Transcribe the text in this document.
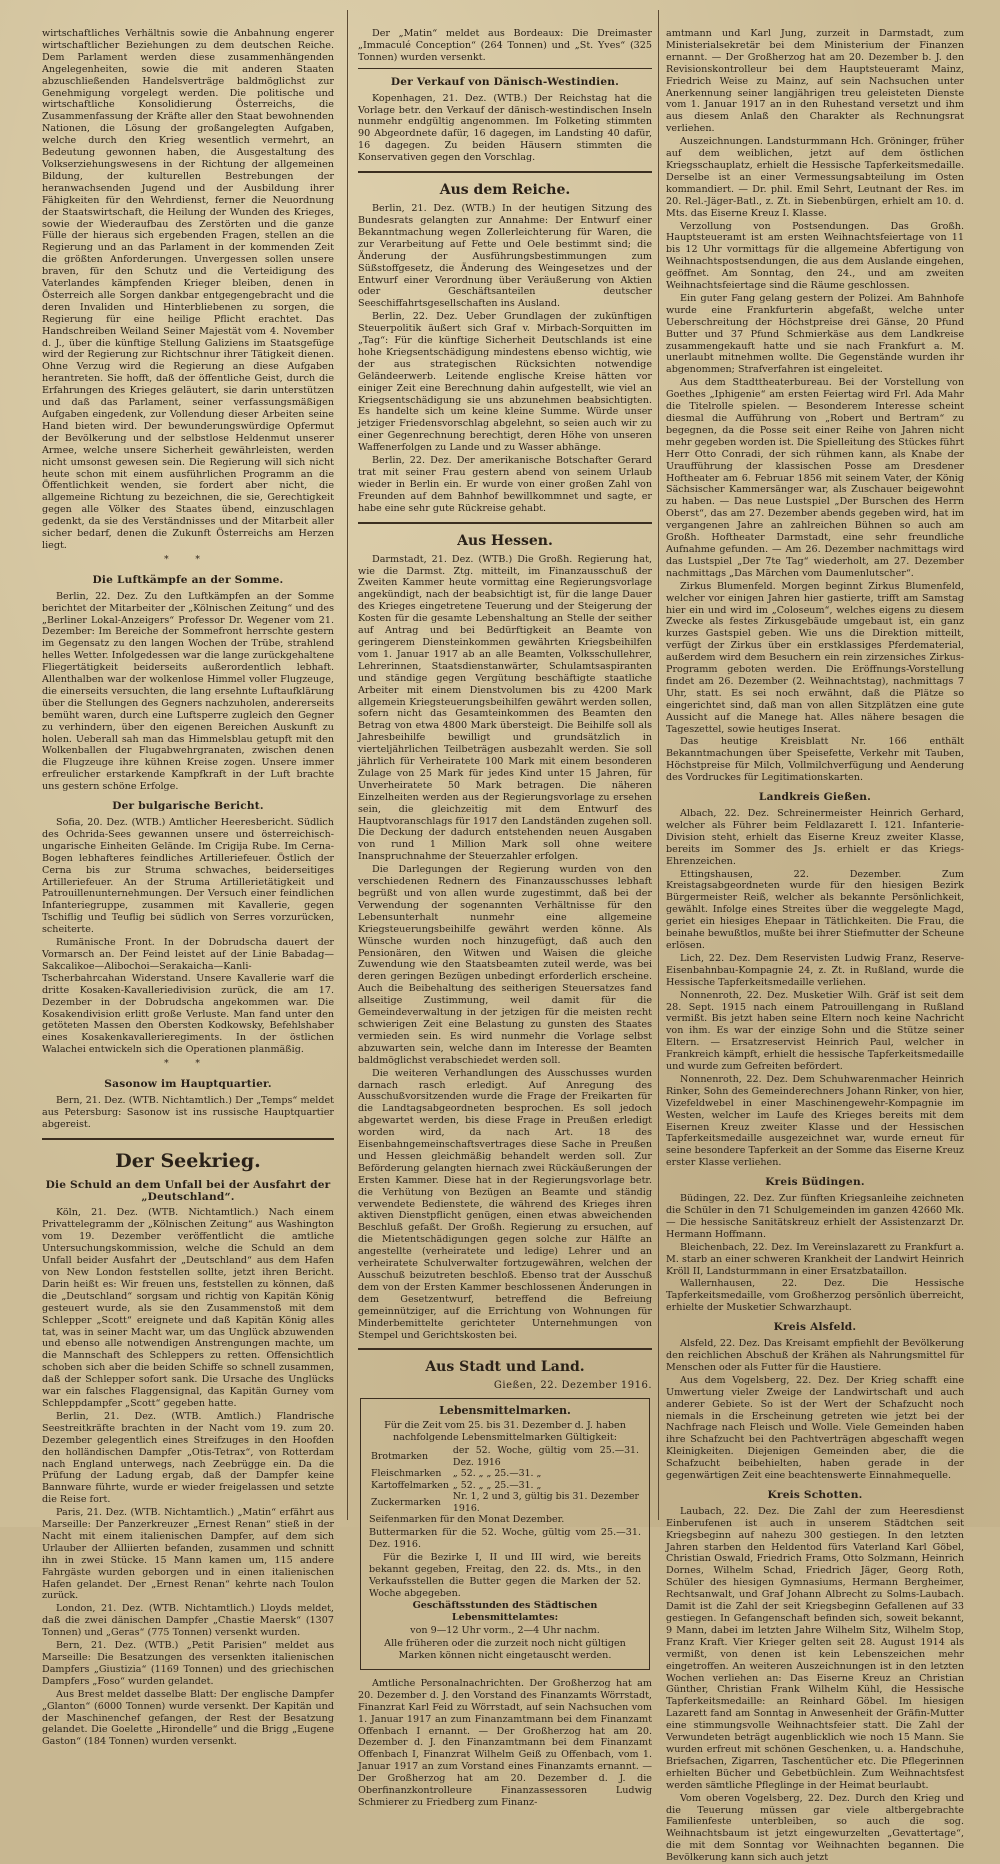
wirtschaftliches Verhältnis sowie die Anbahnung engerer wirtschaftlicher Beziehungen zu dem deutschen Reiche. Dem Parlament werden diese zusammenhängenden Angelegenheiten, sowie die mit anderen Staaten abzuschließenden Handelsverträge baldmöglichst zur Genehmigung vorgelegt werden. Die politische und wirtschaftliche Konsolidierung Österreichs, die Zusammenfassung der Kräfte aller den Staat bewohnenden Nationen, die Lösung der großangelegten Aufgaben, welche durch den Krieg wesentlich vermehrt, an Bedeutung gewonnen haben, die Ausgestaltung des Volkserziehungswesens in der Richtung der allgemeinen Bildung, der kulturellen Bestrebungen der heranwachsenden Jugend und der Ausbildung ihrer Fähigkeiten für den Wehrdienst, ferner die Neuordnung der Staatswirtschaft, die Heilung der Wunden des Krieges, sowie der Wiederaufbau des Zerstörten und die ganze Fülle der hieraus sich ergebenden Fragen, stellen an die Regierung und an das Parlament in der kommenden Zeit die größten Anforderungen. Unvergessen sollen unsere braven, für den Schutz und die Verteidigung des Vaterlandes kämpfenden Krieger bleiben, denen in Österreich alle Sorgen dankbar entgegengebracht und die deren Invaliden und Hinterbliebenen zu sorgen, die Regierung für eine heilige Pflicht erachtet. Das Handschreiben Weiland Seiner Majestät vom 4. November d. J., über die künftige Stellung Galiziens im Staatsgefüge wird der Regierung zur Richtschnur ihrer Tätigkeit dienen. Ohne Verzug wird die Regierung an diese Aufgaben herantreten. Sie hofft, daß der öffentliche Geist, durch die Erfahrungen des Krieges geläutert, sie darin unterstützen und daß das Parlament, seiner verfassungsmäßigen Aufgaben eingedenk, zur Vollendung dieser Arbeiten seine Hand bieten wird. Der bewunderungswürdige Opfermut der Bevölkerung und der selbstlose Heldenmut unserer Armee, welche unsere Sicherheit gewährleisten, werden nicht umsonst gewesen sein. Die Regierung will sich nicht heute schon mit einem ausführlichen Programm an die Öffentlichkeit wenden, sie fordert aber nicht, die allgemeine Richtung zu bezeichnen, die sie, Gerechtigkeit gegen alle Völker des Staates übend, einzuschlagen gedenkt, da sie des Verständnisses und der Mitarbeit aller sicher bedarf, denen die Zukunft Österreichs am Herzen liegt.

* *
Die Luftkämpfe an der Somme.

Berlin, 22. Dez. Zu den Luftkämpfen an der Somme berichtet der Mitarbeiter der „Kölnischen Zeitung“ und des „Berliner Lokal-Anzeigers“ Professor Dr. Wegener vom 21. Dezember: Im Bereiche der Sommefront herrschte gestern im Gegensatz zu den langen Wochen der Trübe, strahlend helles Wetter. Infolgedessen war die lange zurückgehaltene Fliegertätigkeit beiderseits außerordentlich lebhaft. Allenthalben war der wolkenlose Himmel voller Flugzeuge, die einerseits versuchten, die lang ersehnte Luftaufklärung über die Stellungen des Gegners nachzuholen, andererseits bemüht waren, durch eine Luftsperre zugleich den Gegner zu verhindern, über den eigenen Bereichen Auskunft zu holen. Ueberall sah man das Himmelsblau getupft mit den Wolkenballen der Flugabwehrgranaten, zwischen denen die Flugzeuge ihre kühnen Kreise zogen. Unsere immer erfreulicher erstarkende Kampfkraft in der Luft brachte uns gestern schöne Erfolge.

Der bulgarische Bericht.

Sofia, 20. Dez. (WTB.) Amtlicher Heeresbericht. Südlich des Ochrida-Sees gewannen unsere und österreichisch-ungarische Einheiten Gelände. Im Crigija Rube. Im Cerna-Bogen lebhafteres feindliches Artilleriefeuer. Östlich der Cerna bis zur Struma schwaches, beiderseitiges Artilleriefeuer. An der Struma Artillerietätigkeit und Patrouillenunternehmungen. Der Versuch einer feindlichen Infanteriegruppe, zusammen mit Kavallerie, gegen Tschiflig und Teuflig bei südlich von Serres vorzurücken, scheiterte.

Rumänische Front. In der Dobrudscha dauert der Vormarsch an. Der Feind leistet auf der Linie Babadag—Sakcalikoe—Alibochoi—Serakaicha—Kanli-Tscherbahrcahan Widerstand. Unsere Kavallerie warf die dritte Kosaken-Kavalleriedivision zurück, die am 17. Dezember in der Dobrudscha angekommen war. Die Kosakendivision erlitt große Verluste. Man fand unter den getöteten Massen den Obersten Kodkowsky, Befehlshaber eines Kosakenkavallerieregiments. In der östlichen Walachei entwickeln sich die Operationen planmäßig.

* *
Sasonow im Hauptquartier.

Bern, 21. Dez. (WTB. Nichtamtlich.) Der „Temps“ meldet aus Petersburg: Sasonow ist ins russische Hauptquartier abgereist.

Der Seekrieg.
Die Schuld an dem Unfall bei der Ausfahrt der „Deutschland“.

Köln, 21. Dez. (WTB. Nichtamtlich.) Nach einem Privattelegramm der „Kölnischen Zeitung“ aus Washington vom 19. Dezember veröffentlicht die amtliche Untersuchungskommission, welche die Schuld an dem Unfall beider Ausfahrt der „Deutschland“ aus dem Hafen von New London feststellen sollte, jetzt ihren Bericht. Darin heißt es: Wir freuen uns, feststellen zu können, daß die „Deutschland“ sorgsam und richtig von Kapitän König gesteuert wurde, als sie den Zusammenstoß mit dem Schlepper „Scott“ ereignete und daß Kapitän König alles tat, was in seiner Macht war, um das Unglück abzuwenden und ebenso alle notwendigen Anstrengungen machte, um die Mannschaft des Schleppers zu retten. Offensichtlich schoben sich aber die beiden Schiffe so schnell zusammen, daß der Schlepper sofort sank. Die Ursache des Unglücks war ein falsches Flaggensignal, das Kapitän Gurney vom Schleppdampfer „Scott“ gegeben hatte.

Berlin, 21. Dez. (WTB. Amtlich.) Flandrische Seestreitkräfte brachten in der Nacht vom 19. zum 20. Dezember gelegentlich eines Streifzuges in den Hoofden den holländischen Dampfer „Otis-Tetrax“, von Rotterdam nach England unterwegs, nach Zeebrügge ein. Da die Prüfung der Ladung ergab, daß der Dampfer keine Bannware führte, wurde er wieder freigelassen und setzte die Reise fort.

Paris, 21. Dez. (WTB. Nichtamtlich.) „Matin“ erfährt aus Marseille: Der Panzerkreuzer „Ernest Renan“ stieß in der Nacht mit einem italienischen Dampfer, auf dem sich Urlauber der Alliierten befanden, zusammen und schnitt ihn in zwei Stücke. 15 Mann kamen um, 115 andere Fahrgäste wurden geborgen und in einen italienischen Hafen gelandet. Der „Ernest Renan“ kehrte nach Toulon zurück.

London, 21. Dez. (WTB. Nichtamtlich.) Lloyds meldet, daß die zwei dänischen Dampfer „Chastie Maersk“ (1307 Tonnen) und „Geras“ (775 Tonnen) versenkt wurden.

Bern, 21. Dez. (WTB.) „Petit Parisien“ meldet aus Marseille: Die Besatzungen des versenkten italienischen Dampfers „Giustizia“ (1169 Tonnen) und des griechischen Dampfers „Foso“ wurden gelandet.

Aus Brest meldet dasselbe Blatt: Der englische Dampfer „Glanton“ (6000 Tonnen) wurde versenkt. Der Kapitän und der Maschinenchef gefangen, der Rest der Besatzung gelandet. Die Goelette „Hirondelle“ und die Brigg „Eugene Gaston“ (184 Tonnen) wurden versenkt.

Der „Matin“ meldet aus Bordeaux: Die Dreimaster „Immaculé Conception“ (264 Tonnen) und „St. Yves“ (325 Tonnen) wurden versenkt.

Der Verkauf von Dänisch-Westindien.

Kopenhagen, 21. Dez. (WTB.) Der Reichstag hat die Vorlage betr. den Verkauf der dänisch-westindischen Inseln nunmehr endgültig angenommen. Im Folketing stimmten 90 Abgeordnete dafür, 16 dagegen, im Landsting 40 dafür, 16 dagegen. Zu beiden Häusern stimmten die Konservativen gegen den Vorschlag.

Aus dem Reiche.

Berlin, 21. Dez. (WTB.) In der heutigen Sitzung des Bundesrats gelangten zur Annahme: Der Entwurf einer Bekanntmachung wegen Zollerleichterung für Waren, die zur Verarbeitung auf Fette und Oele bestimmt sind; die Änderung der Ausführungsbestimmungen zum Süßstoffgesetz, die Änderung des Weingesetzes und der Entwurf einer Verordnung über Veräußerung von Aktien oder Geschäftsanteilen deutscher Seeschiffahrtsgesellschaften ins Ausland.

Berlin, 22. Dez. Ueber Grundlagen der zukünftigen Steuerpolitik äußert sich Graf v. Mirbach-Sorquitten im „Tag“: Für die künftige Sicherheit Deutschlands ist eine hohe Kriegsentschädigung mindestens ebenso wichtig, wie der aus strategischen Rücksichten notwendige Geländeerwerb. Leitende englische Kreise hätten vor einiger Zeit eine Berechnung dahin aufgestellt, wie viel an Kriegsentschädigung sie uns abzunehmen beabsichtigten. Es handelte sich um keine kleine Summe. Würde unser jetziger Friedensvorschlag abgelehnt, so seien auch wir zu einer Gegenrechnung berechtigt, deren Höhe von unseren Waffenerfolgen zu Lande und zu Wasser abhänge.

Berlin, 22. Dez. Der amerikanische Botschafter Gerard trat mit seiner Frau gestern abend von seinem Urlaub wieder in Berlin ein. Er wurde von einer großen Zahl von Freunden auf dem Bahnhof bewillkommnet und sagte, er habe eine sehr gute Rückreise gehabt.

Aus Hessen.

Darmstadt, 21. Dez. (WTB.) Die Großh. Regierung hat, wie die Darmst. Ztg. mitteilt, im Finanzausschuß der Zweiten Kammer heute vormittag eine Regierungsvorlage angekündigt, nach der beabsichtigt ist, für die lange Dauer des Krieges eingetretene Teuerung und der Steigerung der Kosten für die gesamte Lebenshaltung an Stelle der seither auf Antrag und bei Bedürftigkeit an Beamte von geringerem Diensteinkommen gewährten Kriegsbeihilfen vom 1. Januar 1917 ab an alle Beamten, Volksschullehrer, Lehrerinnen, Staatsdienstanwärter, Schulamtsaspiranten und ständige gegen Vergütung beschäftigte staatliche Arbeiter mit einem Dienstvolumen bis zu 4200 Mark allgemein Kriegsteuerungsbeihilfen gewährt werden sollen, sofern nicht das Gesamteinkommen des Beamten den Betrag von etwa 4800 Mark übersteigt. Die Beihilfe soll als Jahresbeihilfe bewilligt und grundsätzlich in vierteljährlichen Teilbeträgen ausbezahlt werden. Sie soll jährlich für Verheiratete 100 Mark mit einem besonderen Zulage von 25 Mark für jedes Kind unter 15 Jahren, für Unverheiratete 50 Mark betragen. Die näheren Einzelheiten werden aus der Regierungsvorlage zu ersehen sein, die gleichzeitig mit dem Entwurf des Hauptvoranschlags für 1917 den Landständen zugehen soll. Die Deckung der dadurch entstehenden neuen Ausgaben von rund 1 Million Mark soll ohne weitere Inanspruchnahme der Steuerzahler erfolgen.

Die Darlegungen der Regierung wurden von den verschiedenen Rednern des Finanzausschusses lebhaft begrüßt und von allen wurde zugestimmt, daß bei der Verwendung der sogenannten Verhältnisse für den Lebensunterhalt nunmehr eine allgemeine Kriegsteuerungsbeihilfe gewährt werden könne. Als Wünsche wurden noch hinzugefügt, daß auch den Pensionären, den Witwen und Waisen die gleiche Zuwendung wie den Staatsbeamten zuteil werde, was bei deren geringen Bezügen unbedingt erforderlich erscheine. Auch die Beibehaltung des seitherigen Steuersatzes fand allseitige Zustimmung, weil damit für die Gemeindeverwaltung in der jetzigen für die meisten recht schwierigen Zeit eine Belastung zu gunsten des Staates vermieden sein. Es wird nunmehr die Vorlage selbst abzuwarten sein, welche dann im Interesse der Beamten baldmöglichst verabschiedet werden soll.

Die weiteren Verhandlungen des Ausschusses wurden darnach rasch erledigt. Auf Anregung des Ausschußvorsitzenden wurde die Frage der Freikarten für die Landtagsabgeordneten besprochen. Es soll jedoch abgewartet werden, bis diese Frage in Preußen erledigt worden wird, da nach Art. 18 des Eisenbahngemeinschaftsvertrages diese Sache in Preußen und Hessen gleichmäßig behandelt werden soll. Zur Beförderung gelangten hiernach zwei Rückäußerungen der Ersten Kammer. Diese hat in der Regierungsvorlage betr. die Verhütung von Bezügen an Beamte und ständig verwendete Bedienstete, die während des Krieges ihren aktiven Dienstpflicht genügen, einen etwas abweichenden Beschluß gefaßt. Der Großh. Regierung zu ersuchen, auf die Mietentschädigungen gegen solche zur Hälfte an angestellte (verheiratete und ledige) Lehrer und an verheiratete Schulverwalter fortzugewähren, welchen der Ausschuß beizutreten beschloß. Ebenso trat der Ausschuß dem von der Ersten Kammer beschlossenen Änderungen in dem Gesetzentwurf, betreffend die Befreiung gemeinnütziger, auf die Errichtung von Wohnungen für Minderbemittelte gerichteter Unternehmungen von Stempel und Gerichtskosten bei.

Aus Stadt und Land.
Gießen, 22. Dezember 1916.
Lebensmittelmarken.

Für die Zeit vom 25. bis 31. Dezember d. J. haben nachfolgende Lebensmittelmarken Gültigkeit:

Brotmarken	der 52. Woche, gültig vom 25.—31. Dez. 1916
Fleischmarken	„ 52. „ „ 25.—31. „
Kartoffelmarken	„ 52. „ „ 25.—31. „
Zuckermarken	Nr. 1, 2 und 3, gültig bis 31. Dezember 1916.

Seifenmarken für den Monat Dezember.

Buttermarken für die 52. Woche, gültig vom 25.—31. Dez. 1916.

Für die Bezirke I, II und III wird, wie bereits bekannt gegeben, Freitag, den 22. ds. Mts., in den Verkaufsstellen die Butter gegen die Marken der 52. Woche abgegeben.

Geschäftsstunden des Städtischen Lebensmittelamtes:

von 9—12 Uhr vorm., 2—4 Uhr nachm.

Alle früheren oder die zurzeit noch nicht gültigen Marken können nicht eingetauscht werden.

Amtliche Personalnachrichten. Der Großherzog hat am 20. Dezember d. J. den Vorstand des Finanzamts Wörrstadt, Finanzrat Karl Feid zu Wörrstadt, auf sein Nachsuchen vom 1. Januar 1917 an zum Finanzamtmann bei dem Finanzamt Offenbach I ernannt. — Der Großherzog hat am 20. Dezember d. J. den Finanzamtmann bei dem Finanzamt Offenbach I, Finanzrat Wilhelm Geiß zu Offenbach, vom 1. Januar 1917 an zum Vorstand eines Finanzamts ernannt. — Der Großherzog hat am 20. Dezember d. J. die Oberfinanzkontrolleure Finanzassessoren Ludwig Schmierer zu Friedberg zum Finanz-

amtmann und Karl Jung, zurzeit in Darmstadt, zum Ministerialsekretär bei dem Ministerium der Finanzen ernannt. — Der Großherzog hat am 20. Dezember b. J. den Revisionskontrolleur bei dem Hauptsteueramt Mainz, Friedrich Weise zu Mainz, auf sein Nachsuchen unter Anerkennung seiner langjährigen treu geleisteten Dienste vom 1. Januar 1917 an in den Ruhestand versetzt und ihm aus diesem Anlaß den Charakter als Rechnungsrat verliehen.

Auszeichnungen. Landsturmmann Hch. Gröninger, früher auf dem weiblichen, jetzt auf dem östlichen Kriegsschauplatz, erhielt die Hessische Tapferkeitsmedaille. Derselbe ist an einer Vermessungsabteilung im Osten kommandiert. — Dr. phil. Emil Sehrt, Leutnant der Res. im 20. Rel.-Jäger-Batl., z. Zt. in Siebenbürgen, erhielt am 10. d. Mts. das Eiserne Kreuz I. Klasse.

Verzollung von Postsendungen. Das Großh. Hauptsteueramt ist am ersten Weihnachtsfeiertage von 11 bis 12 Uhr vormittags für die allgemeine Abfertigung von Weihnachtspostsendungen, die aus dem Auslande eingehen, geöffnet. Am Sonntag, den 24., und am zweiten Weihnachtsfeiertage sind die Räume geschlossen.

Ein guter Fang gelang gestern der Polizei. Am Bahnhofe wurde eine Frankfurterin abgefaßt, welche unter Ueberschreitung der Höchstpreise drei Gänse, 20 Pfund Butter und 37 Pfund Schmierkäse aus dem Landkreise zusammengekauft hatte und sie nach Frankfurt a. M. unerlaubt mitnehmen wollte. Die Gegenstände wurden ihr abgenommen; Strafverfahren ist eingeleitet.

Aus dem Stadttheaterbureau. Bei der Vorstellung von Goethes „Iphigenie“ am ersten Feiertag wird Frl. Ada Mahr die Titelrolle spielen. — Besonderem Interesse scheint diesmal die Aufführung von „Robert und Bertram“ zu begegnen, da die Posse seit einer Reihe von Jahren nicht mehr gegeben worden ist. Die Spielleitung des Stückes führt Herr Otto Conradi, der sich rühmen kann, als Knabe der Uraufführung der klassischen Posse am Dresdener Hoftheater am 6. Februar 1856 mit seinem Vater, der König Sächsischer Kammersänger war, als Zuschauer beigewohnt zu haben. — Das neue Lustspiel „Der Burschen des Herrn Oberst“, das am 27. Dezember abends gegeben wird, hat im vergangenen Jahre an zahlreichen Bühnen so auch am Großh. Hoftheater Darmstadt, eine sehr freundliche Aufnahme gefunden. — Am 26. Dezember nachmittags wird das Lustspiel „Der 7te Tag“ wiederholt, am 27. Dezember nachmittags „Das Märchen vom Daumenlutscher“.

Zirkus Blumenfeld. Morgen beginnt Zirkus Blumenfeld, welcher vor einigen Jahren hier gastierte, trifft am Samstag hier ein und wird im „Coloseum“, welches eigens zu diesem Zwecke als festes Zirkusgebäude umgebaut ist, ein ganz kurzes Gastspiel geben. Wie uns die Direktion mitteilt, verfügt der Zirkus über ein erstklassiges Pferdematerial, außerdem wird dem Besuchern ein rein zirzensiches Zirkus-Programm geboten werden. Die Eröffnungs-Vorstellung findet am 26. Dezember (2. Weihnachtstag), nachmittags 7 Uhr, statt. Es sei noch erwähnt, daß die Plätze so eingerichtet sind, daß man von allen Sitzplätzen eine gute Aussicht auf die Manege hat. Alles nähere besagen die Tageszettel, sowie heutiges Inserat.

Das heutige Kreisblatt Nr. 166 enthält Bekanntmachungen über Speisefette, Verkehr mit Tauben, Höchstpreise für Milch, Vollmilchverfügung und Aenderung des Vordruckes für Legitimationskarten.

Landkreis Gießen.

Albach, 22. Dez. Schreinermeister Heinrich Gerhard, welcher als Führer beim Feldlazarett I. 121. Infanterie-Division steht, erhielt das Eiserne Kreuz zweiter Klasse, bereits im Sommer des Js. erhielt er das Kriegs-Ehrenzeichen.

Ettingshausen, 22. Dezember. Zum Kreistagsabgeordneten wurde für den hiesigen Bezirk Bürgermeister Reiß, welcher als bekannte Persönlichkeit, gewählt. Infolge eines Streites über die weggelegte Magd, geriet ein hiesiges Ehepaar in Tätlichkeiten. Die Frau, die beinahe bewußtlos, mußte bei ihrer Stiefmutter der Scheune erlösen.

Lich, 22. Dez. Dem Reservisten Ludwig Franz, Reserve-Eisenbahnbau-Kompagnie 24, z. Zt. in Rußland, wurde die Hessische Tapferkeitsmedaille verliehen.

Nonnenroth, 22. Dez. Musketier Wilh. Gräf ist seit dem 28. Sept. 1915 nach einem Patrouillengang in Rußland vermißt. Bis jetzt haben seine Eltern noch keine Nachricht von ihm. Es war der einzige Sohn und die Stütze seiner Eltern. — Ersatzreservist Heinrich Paul, welcher in Frankreich kämpft, erhielt die hessische Tapferkeitsmedaille und wurde zum Gefreiten befördert.

Nonnenroth, 22. Dez. Dem Schuhwarenmacher Heinrich Rinker, Sohn des Gemeinderechners Johann Rinker, von hier, Vizefeldwebel in einer Maschinengewehr-Kompagnie im Westen, welcher im Laufe des Krieges bereits mit dem Eisernen Kreuz zweiter Klasse und der Hessischen Tapferkeitsmedaille ausgezeichnet war, wurde erneut für seine besondere Tapferkeit an der Somme das Eiserne Kreuz erster Klasse verliehen.

Kreis Büdingen.

Büdingen, 22. Dez. Zur fünften Kriegsanleihe zeichneten die Schüler in den 71 Schulgemeinden im ganzen 42660 Mk. — Die hessische Sanitätskreuz erhielt der Assistenzarzt Dr. Hermann Hoffmann.

Bleichenbach, 22. Dez. Im Vereinslazarett zu Frankfurt a. M. starb an einer schweren Krankheit der Landwirt Heinrich Kröll II, Landsturmmann in einer Ersatzbataillon.

Wallernhausen, 22. Dez. Die Hessische Tapferkeitsmedaille, vom Großherzog persönlich überreicht, erhielte der Musketier Schwarzhaupt.

Kreis Alsfeld.

Alsfeld, 22. Dez. Das Kreisamt empfiehlt der Bevölkerung den reichlichen Abschuß der Krähen als Nahrungsmittel für Menschen oder als Futter für die Haustiere.

Aus dem Vogelsberg, 22. Dez. Der Krieg schafft eine Umwertung vieler Zweige der Landwirtschaft und auch anderer Gebiete. So ist der Wert der Schafzucht noch niemals in die Erscheinung getreten wie jetzt bei der Nachfrage nach Fleisch und Wolle. Viele Gemeinden haben ihre Schafzucht bei den Pachtverträgen abgeschafft wegen Kleinigkeiten. Diejenigen Gemeinden aber, die die Schafzucht beibehielten, haben gerade in der gegenwärtigen Zeit eine beachtenswerte Einnahmequelle.

Kreis Schotten.

Laubach, 22. Dez. Die Zahl der zum Heeresdienst Einberufenen ist auch in unserem Städtchen seit Kriegsbeginn auf nahezu 300 gestiegen. In den letzten Jahren starben den Heldentod fürs Vaterland Karl Göbel, Christian Oswald, Friedrich Frams, Otto Solzmann, Heinrich Dornes, Wilhelm Schad, Friedrich Jäger, Georg Roth, Schüler des hiesigen Gymnasiums, Hermann Bergheimer, Rechtsanwalt, und Graf Johann Albrecht zu Solms-Laubach. Damit ist die Zahl der seit Kriegsbeginn Gefallenen auf 33 gestiegen. In Gefangenschaft befinden sich, soweit bekannt, 9 Mann, dabei im letzten Jahre Wilhelm Sitz, Wilhelm Stop, Franz Kraft. Vier Krieger gelten seit 28. August 1914 als vermißt, von denen ist kein Lebenszeichen mehr eingetroffen. An weiteren Auszeichnungen ist in den letzten Wochen verliehen an: Das Eiserne Kreuz an Christian Günther, Christian Frank Wilhelm Kühl, die Hessische Tapferkeitsmedaille: an Reinhard Göbel. Im hiesigen Lazarett fand am Sonntag in Anwesenheit der Gräfin-Mutter eine stimmungsvolle Weihnachtsfeier statt. Die Zahl der Verwundeten beträgt augenblicklich wie noch 15 Mann. Sie wurden erfreut mit schönen Geschenken, u. a. Handschuhe, Briefsachen, Zigarren, Taschentücher etc. Die Pflegerinnen erhielten Bücher und Gebetbüchlein. Zum Weihnachtsfest werden sämtliche Pfleglinge in der Heimat beurlaubt.

Vom oberen Vogelsberg, 22. Dez. Durch den Krieg und die Teuerung müssen gar viele altbergebrachte Familienfeste unterbleiben, so auch die sog. Weihnachtsbaum ist jetzt eingewurzelten „Gevattertage“, die mit dem Sonntag vor Weihnachten begannen. Die Bevölkerung kann sich auch jetzt
